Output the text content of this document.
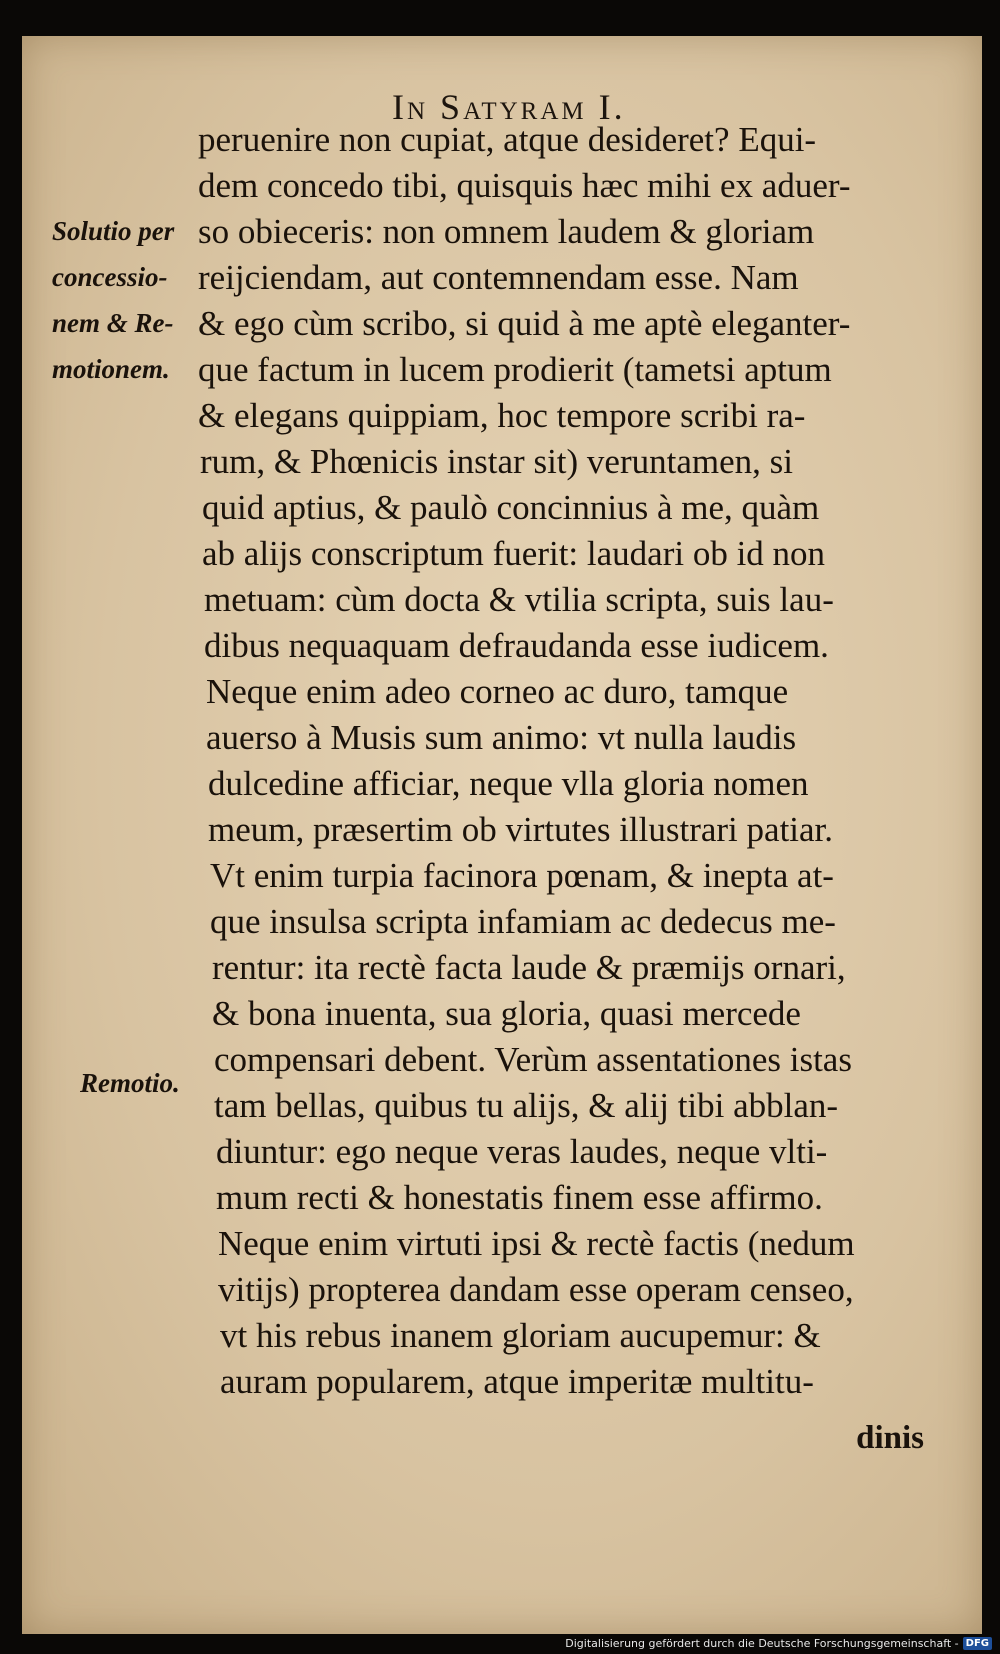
In Satyram I.
Solutio per
concessio-
nem & Re-
motionem.
Remotio.
peruenire non cupiat, atque desideret? Equi-
dem concedo tibi, quisquis hæc mihi ex aduer-
so obieceris: non omnem laudem & gloriam
reijciendam, aut contemnendam esse. Nam
& ego cùm scribo, si quid à me aptè eleganter-
que factum in lucem prodierit (tametsi aptum
& elegans quippiam, hoc tempore scribi ra-
rum, & Phœnicis instar sit) veruntamen, si
quid aptius, & paulò concinnius à me, quàm
ab alijs conscriptum fuerit: laudari ob id non
metuam: cùm docta & vtilia scripta, suis lau-
dibus nequaquam defraudanda esse iudicem.
Neque enim adeo corneo ac duro, tamque
auerso à Musis sum animo: vt nulla laudis
dulcedine afficiar, neque vlla gloria nomen
meum, præsertim ob virtutes illustrari patiar.
Vt enim turpia facinora pœnam, & inepta at-
que insulsa scripta infamiam ac dedecus me-
rentur: ita rectè facta laude & præmijs ornari,
& bona inuenta, sua gloria, quasi mercede
compensari debent. Verùm assentationes istas
tam bellas, quibus tu alijs, & alij tibi abblan-
diuntur: ego neque veras laudes, neque vlti-
mum recti & honestatis finem esse affirmo.
Neque enim virtuti ipsi & rectè factis (nedum
vitijs) propterea dandam esse operam censeo,
vt his rebus inanem gloriam aucupemur: &
auram popularem, atque imperitæ multitu-
dinis
Digitalisierung gefördert durch die Deutsche Forschungsgemeinschaft - DFG
